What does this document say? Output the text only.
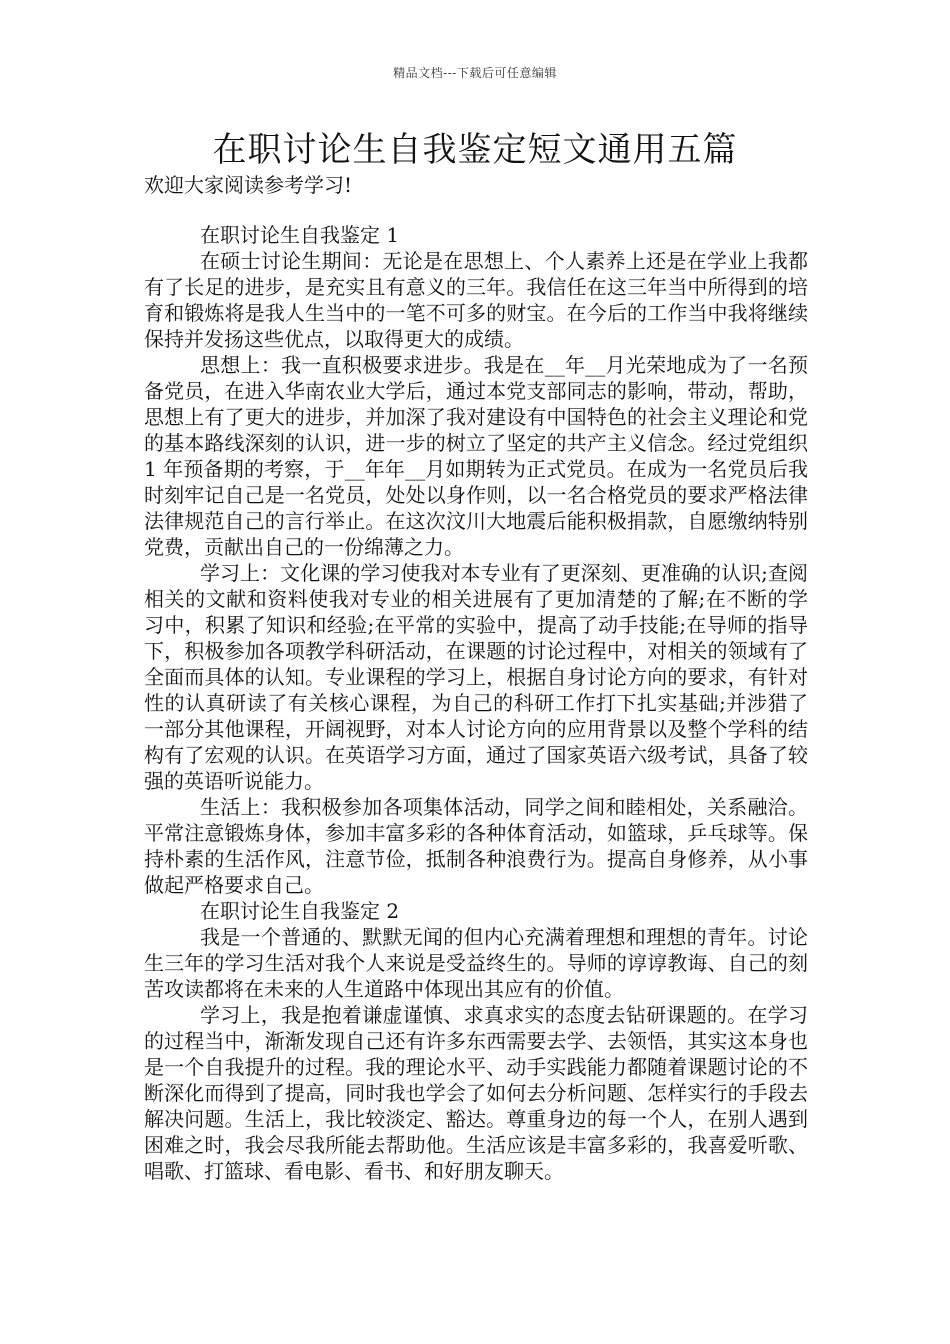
精品文档---下载后可任意编辑
在职讨论生自我鉴定短文通用五篇

欢迎大家阅读参考学习!

在职讨论生自我鉴定 1

在硕士讨论生期间：无论是在思想上、个人素养上还是在学业上我都有了长足的进步，是充实且有意义的三年。我信任在这三年当中所得到的培育和锻炼将是我人生当中的一笔不可多的财宝。在今后的工作当中我将继续保持并发扬这些优点，以取得更大的成绩。

思想上：我一直积极要求进步。我是在__年__月光荣地成为了一名预备党员，在进入华南农业大学后，通过本党支部同志的影响，带动，帮助，思想上有了更大的进步，并加深了我对建设有中国特色的社会主义理论和党的基本路线深刻的认识，进一步的树立了坚定的共产主义信念。经过党组织 1 年预备期的考察，于__年年__月如期转为正式党员。在成为一名党员后我时刻牢记自己是一名党员，处处以身作则，以一名合格党员的要求严格法律法律规范自己的言行举止。在这次汶川大地震后能积极捐款，自愿缴纳特别党费，贡献出自己的一份绵薄之力。

学习上：文化课的学习使我对本专业有了更深刻、更准确的认识;查阅相关的文献和资料使我对专业的相关进展有了更加清楚的了解;在不断的学习中，积累了知识和经验;在平常的实验中，提高了动手技能;在导师的指导下，积极参加各项教学科研活动，在课题的讨论过程中，对相关的领域有了全面而具体的认知。专业课程的学习上，根据自身讨论方向的要求，有针对性的认真研读了有关核心课程，为自己的科研工作打下扎实基础;并涉猎了一部分其他课程，开阔视野，对本人讨论方向的应用背景以及整个学科的结构有了宏观的认识。在英语学习方面，通过了国家英语六级考试，具备了较强的英语听说能力。

生活上：我积极参加各项集体活动，同学之间和睦相处，关系融洽。平常注意锻炼身体，参加丰富多彩的各种体育活动，如篮球，乒乓球等。保持朴素的生活作风，注意节俭，抵制各种浪费行为。提高自身修养，从小事做起严格要求自己。

在职讨论生自我鉴定 2

我是一个普通的、默默无闻的但内心充满着理想和理想的青年。讨论生三年的学习生活对我个人来说是受益终生的。导师的谆谆教诲、自己的刻苦攻读都将在未来的人生道路中体现出其应有的价值。

学习上，我是抱着谦虚谨慎、求真求实的态度去钻研课题的。在学习的过程当中，渐渐发现自己还有许多东西需要去学、去领悟，其实这本身也是一个自我提升的过程。我的理论水平、动手实践能力都随着课题讨论的不断深化而得到了提高，同时我也学会了如何去分析问题、怎样实行的手段去解决问题。生活上，我比较淡定、豁达。尊重身边的每一个人，在别人遇到困难之时，我会尽我所能去帮助他。生活应该是丰富多彩的，我喜爱听歌、唱歌、打篮球、看电影、看书、和好朋友聊天。
